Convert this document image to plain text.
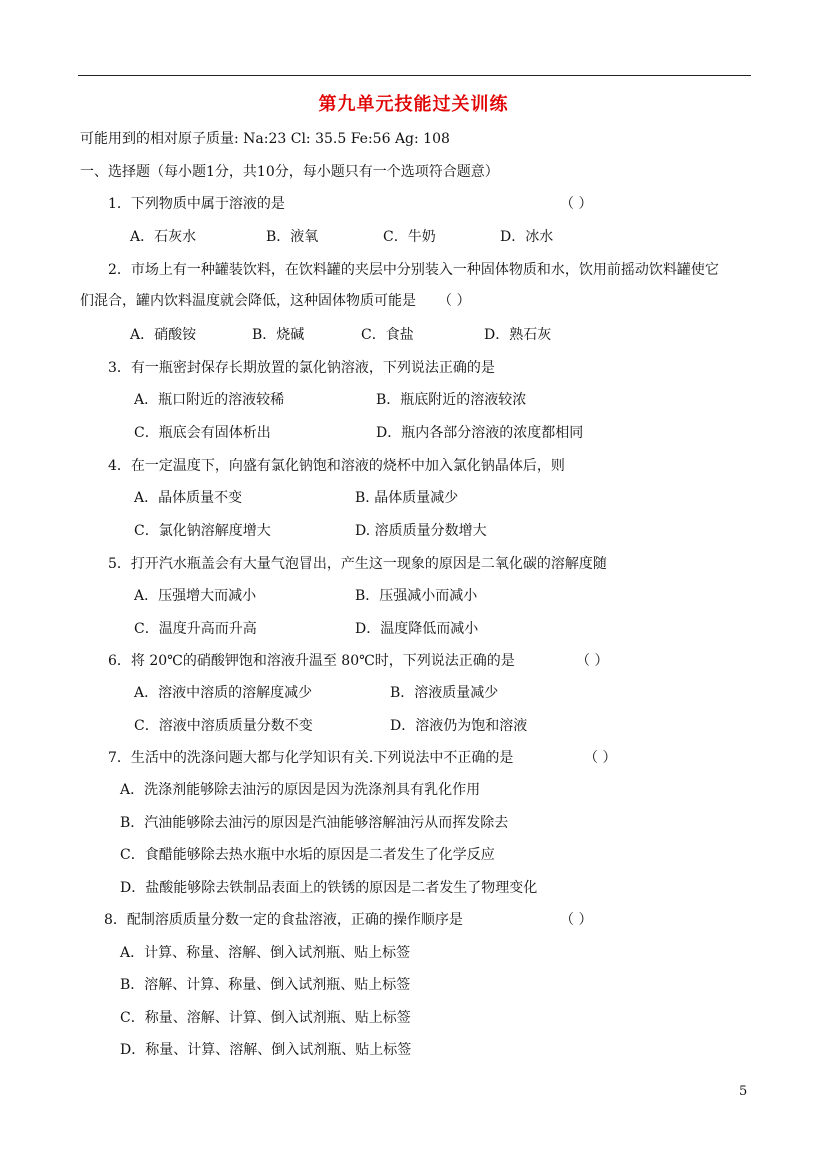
第九单元技能过关训练
可能用到的相对原子质量: Na:23 Cl: 35.5 Fe:56 Ag: 108
一、选择题（每小题1分，共10分，每小题只有一个选项符合题意）
1．下列物质中属于溶液的是	（ ）
A．石灰水	B．液氧	C．牛奶	D．冰水
2．市场上有一种罐装饮料，在饮料罐的夹层中分别装入一种固体物质和水，饮用前摇动饮料罐使它
们混合，罐内饮料温度就会降低，这种固体物质可能是 （ ）
A．硝酸铵	B．烧碱	C．食盐	D．熟石灰
3．有一瓶密封保存长期放置的氯化钠溶液，下列说法正确的是
A．瓶口附近的溶液较稀	B．瓶底附近的溶液较浓
C．瓶底会有固体析出	D．瓶内各部分溶液的浓度都相同
4．在一定温度下，向盛有氯化钠饱和溶液的烧杯中加入氯化钠晶体后，则
A．晶体质量不变	B. 晶体质量减少
C．氯化钠溶解度增大	D. 溶质质量分数增大
5．打开汽水瓶盖会有大量气泡冒出，产生这一现象的原因是二氧化碳的溶解度随
A．压强增大而减小	B．压强减小而减小
C．温度升高而升高	D．温度降低而减小
6．将 20℃的硝酸钾饱和溶液升温至 80℃时，下列说法正确的是	（ ）
A．溶液中溶质的溶解度减少	B．溶液质量减少
C．溶液中溶质质量分数不变	D．溶液仍为饱和溶液
7．生活中的洗涤问题大都与化学知识有关.下列说法中不正确的是	（ ）
A．洗涤剂能够除去油污的原因是因为洗涤剂具有乳化作用
B．汽油能够除去油污的原因是汽油能够溶解油污从而挥发除去
C．食醋能够除去热水瓶中水垢的原因是二者发生了化学反应
D．盐酸能够除去铁制品表面上的铁锈的原因是二者发生了物理变化
8．配制溶质质量分数一定的食盐溶液，正确的操作顺序是	（ ）
A．计算、称量、溶解、倒入试剂瓶、贴上标签
B．溶解、计算、称量、倒入试剂瓶、贴上标签
C．称量、溶解、计算、倒入试剂瓶、贴上标签
D．称量、计算、溶解、倒入试剂瓶、贴上标签
5
